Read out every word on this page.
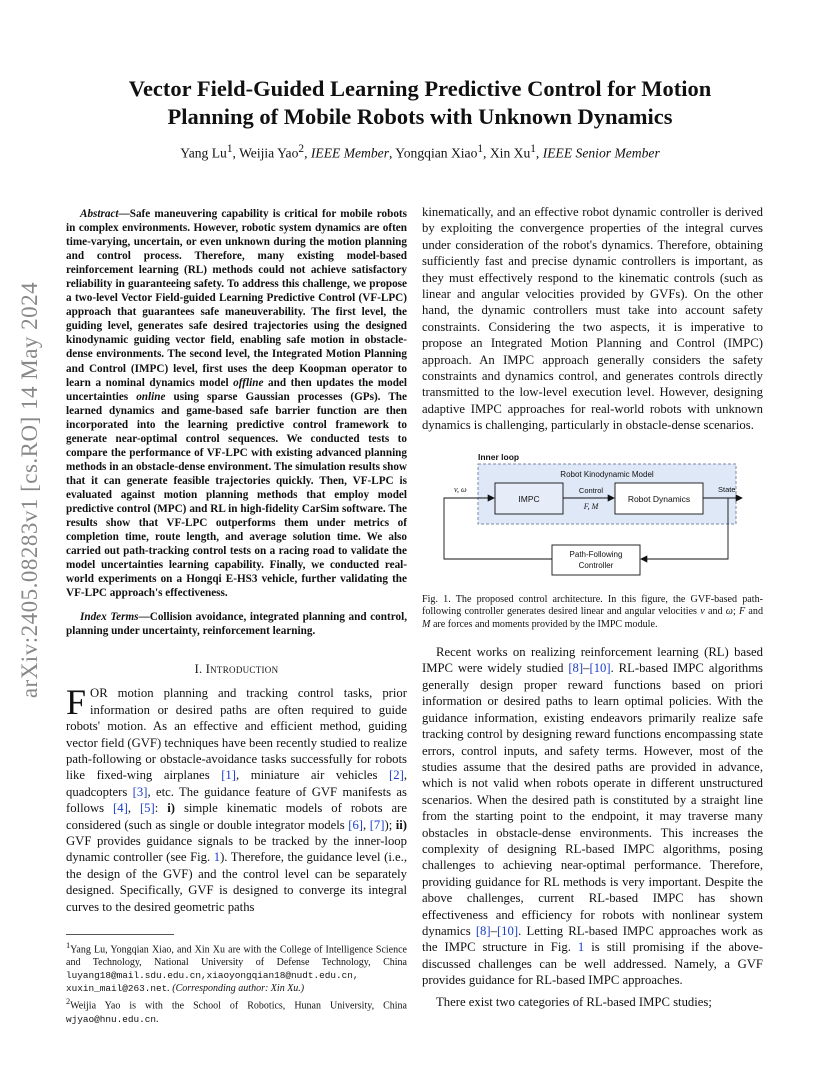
arXiv:2405.08283v1 [cs.RO] 14 May 2024
Vector Field-Guided Learning Predictive Control for Motion Planning of Mobile Robots with Unknown Dynamics
Yang Lu$^1$, Weijia Yao$^2$, IEEE Member, Yongqian Xiao$^1$, Xin Xu$^1$, IEEE Senior Member

Abstract—Safe maneuvering capability is critical for mobile robots in complex environments. However, robotic system dynamics are often time-varying, uncertain, or even unknown during the motion planning and control process. Therefore, many existing model-based reinforcement learning (RL) methods could not achieve satisfactory reliability in guaranteeing safety. To address this challenge, we propose a two-level Vector Field-guided Learning Predictive Control (VF-LPC) approach that guarantees safe maneuverability. The first level, the guiding level, generates safe desired trajectories using the designed kinodynamic guiding vector field, enabling safe motion in obstacle-dense environments. The second level, the Integrated Motion Planning and Control (IMPC) level, first uses the deep Koopman operator to learn a nominal dynamics model offline and then updates the model uncertainties online using sparse Gaussian processes (GPs). The learned dynamics and game-based safe barrier function are then incorporated into the learning predictive control framework to generate near-optimal control sequences. We conducted tests to compare the performance of VF-LPC with existing advanced planning methods in an obstacle-dense environment. The simulation results show that it can generate feasible trajectories quickly. Then, VF-LPC is evaluated against motion planning methods that employ model predictive control (MPC) and RL in high-fidelity CarSim software. The results show that VF-LPC outperforms them under metrics of completion time, route length, and average solution time. We also carried out path-tracking control tests on a racing road to validate the model uncertainties learning capability. Finally, we conducted real-world experiments on a Hongqi E-HS3 vehicle, further validating the VF-LPC approach's effectiveness.

Index Terms—Collision avoidance, integrated planning and control, planning under uncertainty, reinforcement learning.

I. Introduction

FOR motion planning and tracking control tasks, prior information or desired paths are often required to guide robots' motion. As an effective and efficient method, guiding vector field (GVF) techniques have been recently studied to realize path-following or obstacle-avoidance tasks successfully for robots like fixed-wing airplanes [1], miniature air vehicles [2], quadcopters [3], etc. The guidance feature of GVF manifests as follows [4], [5]: i) simple kinematic models of robots are considered (such as single or double integrator models [6], [7]); ii) GVF provides guidance signals to be tracked by the inner-loop dynamic controller (see Fig. 1). Therefore, the guidance level (i.e., the design of the GVF) and the control level can be separately designed. Specifically, GVF is designed to converge its integral curves to the desired geometric paths

$^1$Yang Lu, Yongqian Xiao, and Xin Xu are with the College of Intelligence Science and Technology, National University of Defense Technology, China luyang18@mail.sdu.edu.cn,xiaoyongqian18@nudt.edu.cn, xuxin_mail@263.net. (Corresponding author: Xin Xu.)

$^2$Weijia Yao is with the School of Robotics, Hunan University, China wjyao@hnu.edu.cn.

kinematically, and an effective robot dynamic controller is derived by exploiting the convergence properties of the integral curves under consideration of the robot's dynamics. Therefore, obtaining sufficiently fast and precise dynamic controllers is important, as they must effectively respond to the kinematic controls (such as linear and angular velocities provided by GVFs). On the other hand, the dynamic controllers must take into account safety constraints. Considering the two aspects, it is imperative to propose an Integrated Motion Planning and Control (IMPC) approach. An IMPC approach generally considers the safety constraints and dynamics control, and generates controls directly transmitted to the low-level execution level. However, designing adaptive IMPC approaches for real-world robots with unknown dynamics is challenging, particularly in obstacle-dense scenarios.

Inner loop
Robot Kinodynamic Model
IMPC	Robot Dynamics
Control
F, M
v, ω	State
Path-Following
Controller

Fig. 1. The proposed control architecture. In this figure, the GVF-based path-following controller generates desired linear and angular velocities v and ω; F and M are forces and moments provided by the IMPC module.

Recent works on realizing reinforcement learning (RL) based IMPC were widely studied [8]–[10]. RL-based IMPC algorithms generally design proper reward functions based on priori information or desired paths to learn optimal policies. With the guidance information, existing endeavors primarily realize safe tracking control by designing reward functions encompassing state errors, control inputs, and safety terms. However, most of the studies assume that the desired paths are provided in advance, which is not valid when robots operate in different unstructured scenarios. When the desired path is constituted by a straight line from the starting point to the endpoint, it may traverse many obstacles in obstacle-dense environments. This increases the complexity of designing RL-based IMPC algorithms, posing challenges to achieving near-optimal performance. Therefore, providing guidance for RL methods is very important. Despite the above challenges, current RL-based IMPC has shown effectiveness and efficiency for robots with nonlinear system dynamics [8]–[10]. Letting RL-based IMPC approaches work as the IMPC structure in Fig. 1 is still promising if the above-discussed challenges can be well addressed. Namely, a GVF provides guidance for RL-based IMPC approaches.

There exist two categories of RL-based IMPC studies;
